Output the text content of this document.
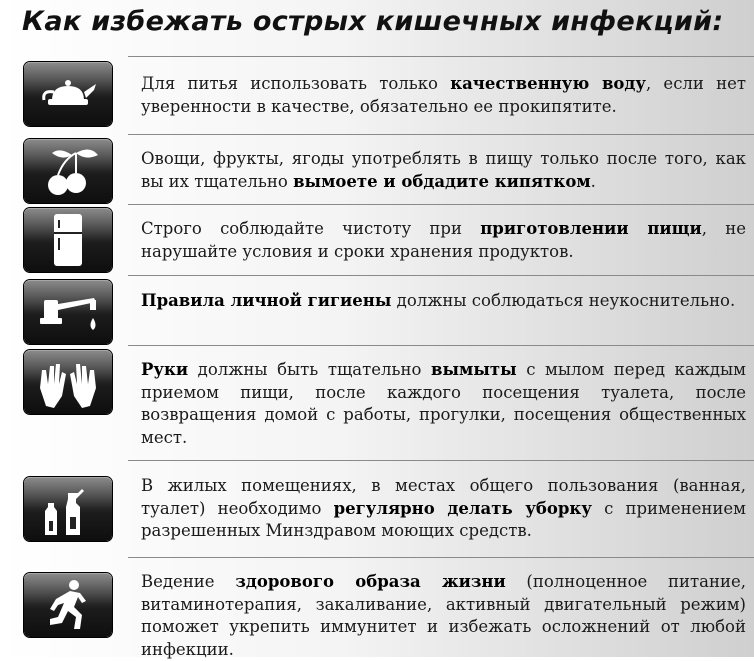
Как избежать острых кишечных инфекций:
Для питья использовать только качественную воду, если нет уверенности в качестве, обязательно ее прокипятите.
Овощи, фрукты, ягоды употреблять в пищу только после того, как вы их тщательно вымоете и обдадите кипятком.
Строго соблюдайте чистоту при приготовлении пищи, не нарушайте условия и сроки хранения продуктов.
Правила личной гигиены должны соблюдаться неукоснительно.
Руки должны быть тщательно вымыты с мылом перед каждым приемом пищи, после каждого посещения туалета, после возвращения домой с работы, прогулки, посещения общественных мест.
В жилых помещениях, в местах общего пользования (ванная, туалет) необходимо регулярно делать уборку с применением разрешенных Минздравом моющих средств.
Ведение здорового образа жизни (полноценное питание, витаминотерапия, закаливание, активный двигательный режим) поможет укрепить иммунитет и избежать осложнений от любой инфекции.
